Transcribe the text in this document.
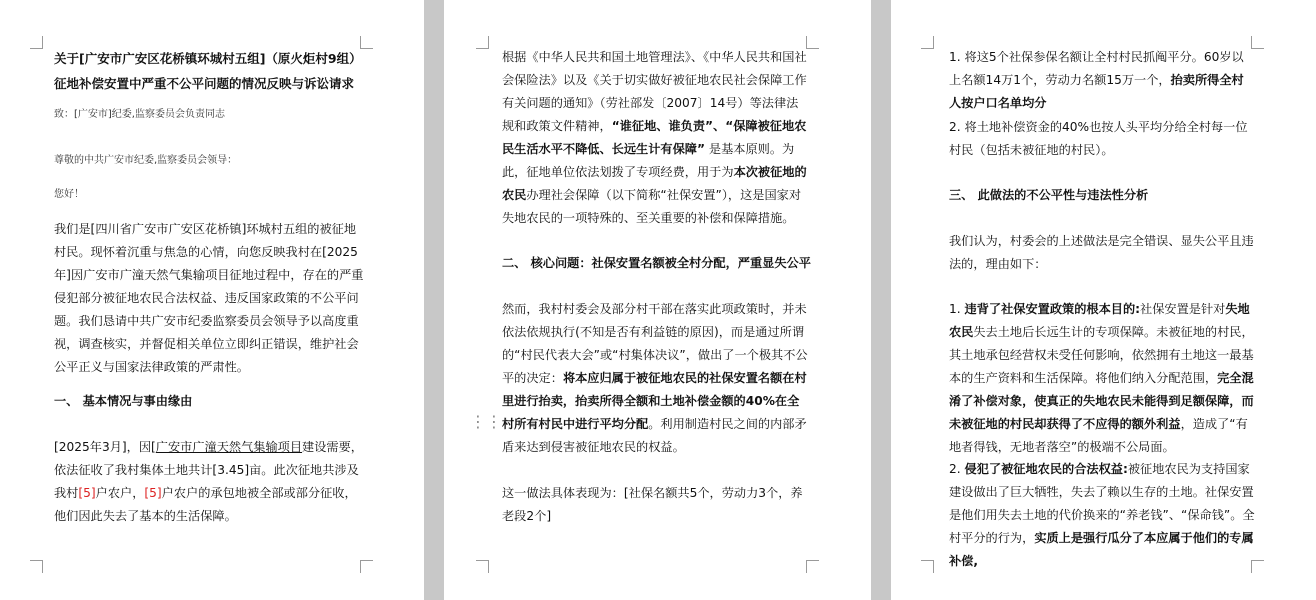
关于[广安市广安区花桥镇环城村五组]（原火炬村9组）征地补偿安置中严重不公平问题的情况反映与诉讼请求
致：[广安市]纪委,监察委员会负责同志
尊敬的中共广安市纪委,监察委员会领导：
您好！
我们是[四川省广安市广安区花桥镇]环城村五组的被征地村民。现怀着沉重与焦急的心情，向您反映我村在[2025年]因广安市广潼天然气集输项目征地过程中，存在的严重侵犯部分被征地农民合法权益、违反国家政策的不公平问题。我们恳请中共广安市纪委监察委员会领导予以高度重视，调查核实，并督促相关单位立即纠正错误，维护社会公平正义与国家法律政策的严肃性。
一、 基本情况与事由缘由
[2025年3月]，因[广安市广潼天然气集输项目建设需要，依法征收了我村集体土地共计[3.45]亩。此次征地共涉及我村[5]户农户，[5]户农户的承包地被全部或部分征收，他们因此失去了基本的生活保障。
⋮⋮
根据《中华人民共和国土地管理法》、《中华人民共和国社会保险法》以及《关于切实做好被征地农民社会保障工作有关问题的通知》（劳社部发〔2007〕14号）等法律法规和政策文件精神，“谁征地、谁负责”、“保障被征地农民生活水平不降低、长远生计有保障” 是基本原则。为此，征地单位依法划拨了专项经费，用于为本次被征地的农民办理社会保障（以下简称“社保安置”），这是国家对失地农民的一项特殊的、至关重要的补偿和保障措施。
二、 核心问题：社保安置名额被全村分配，严重显失公平
然而，我村村委会及部分村干部在落实此项政策时，并未依法依规执行(不知是否有利益链的原因)，而是通过所谓的“村民代表大会”或“村集体决议”，做出了一个极其不公平的决定：将本应归属于被征地农民的社保安置名额在村里进行抬卖，抬卖所得全额和土地补偿金额的40%在全村所有村民中进行平均分配。利用制造村民之间的内部矛盾来达到侵害被征地农民的权益。
这一做法具体表现为：[社保名额共5个，劳动力3个，养老段2个]
1. 将这5个社保参保名额让全村村民抓阄平分。60岁以上名额14万1个，劳动力名额15万一个，抬卖所得全村人按户口名单均分
2. 将土地补偿资金的40%也按人头平均分给全村每一位村民（包括未被征地的村民）。
三、 此做法的不公平性与违法性分析
我们认为，村委会的上述做法是完全错误、显失公平且违法的，理由如下：
1. 违背了社保安置政策的根本目的:社保安置是针对失地农民失去土地后长远生计的专项保障。未被征地的村民，其土地承包经营权未受任何影响，依然拥有土地这一最基本的生产资料和生活保障。将他们纳入分配范围，完全混淆了补偿对象，使真正的失地农民未能得到足额保障，而未被征地的村民却获得了不应得的额外利益，造成了“有地者得钱，无地者落空”的极端不公局面。
2. 侵犯了被征地农民的合法权益:被征地农民为支持国家建设做出了巨大牺牲，失去了赖以生存的土地。社保安置是他们用失去土地的代价换来的“养老钱”、“保命钱”。全村平分的行为，实质上是强行瓜分了本应属于他们的专属补偿,
